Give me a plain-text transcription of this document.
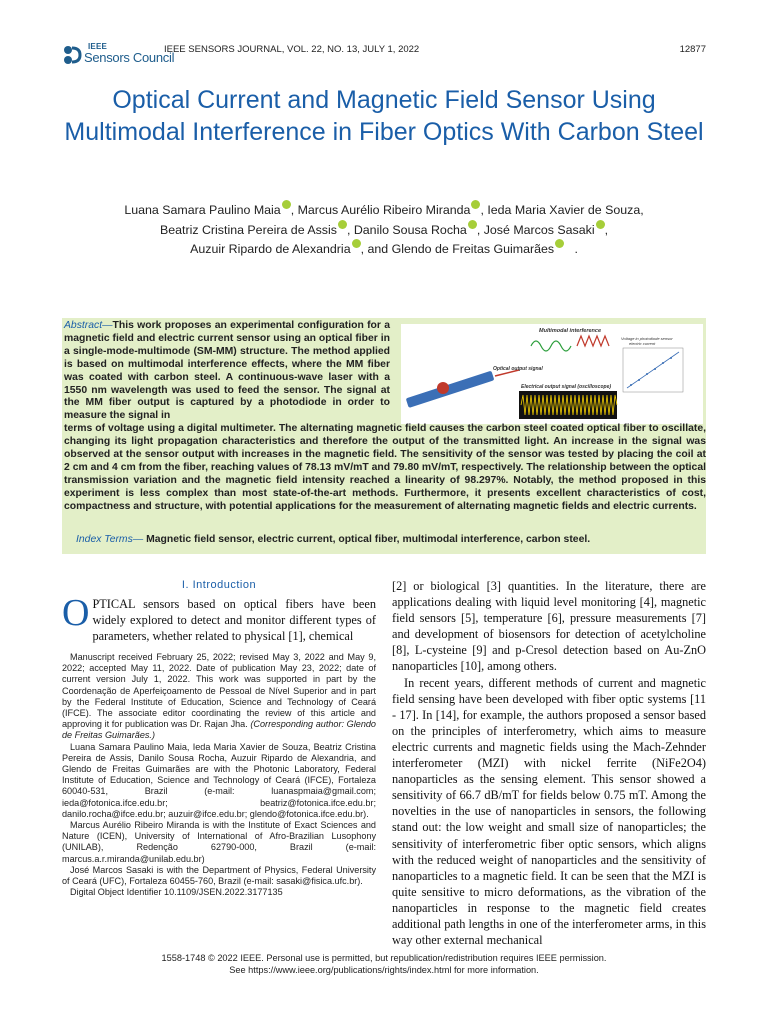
IEEE
Sensors Council
IEEE SENSORS JOURNAL, VOL. 22, NO. 13, JULY 1, 2022	12877
Optical Current and Magnetic Field Sensor Using Multimodal Interference in Fiber Optics With Carbon Steel
Luana Samara Paulino Maia , Marcus Aurélio Ribeiro Miranda , Ieda Maria Xavier de Souza,
Beatriz Cristina Pereira de Assis , Danilo Sousa Rocha , José Marcos Sasaki ,
Auzuir Ripardo de Alexandria , and Glendo de Freitas Guimarães .
Multimodal interference
Voltage in photodiode sensor
electric current
Optical output signal
Electrical output signal (oscilloscope)
Abstract—This work proposes an experimental configuration for a magnetic field and electric current sensor using an optical fiber in a single-mode-multimode (SM-MM) structure. The method applied is based on multimodal interference effects, where the MM fiber was coated with carbon steel. A continuous-wave laser with a 1550 nm wavelength was used to feed the sensor. The signal at the MM fiber output is captured by a photodiode in order to measure the signal in
terms of voltage using a digital multimeter. The alternating magnetic field causes the carbon steel coated optical fiber to oscillate, changing its light propagation characteristics and therefore the output of the transmitted light. An increase in the signal was observed at the sensor output with increases in the magnetic field. The sensitivity of the sensor was tested by placing the coil at 2 cm and 4 cm from the fiber, reaching values of 78.13 mV/mT and 79.80 mV/mT, respectively. The relationship between the optical transmission variation and the magnetic field intensity reached a linearity of 98.297%. Notably, the method proposed in this experiment is less complex than most state-of-the-art methods. Furthermore, it presents excellent characteristics of cost, compactness and structure, with potential applications for the measurement of alternating magnetic fields and electric currents.
Index Terms— Magnetic field sensor, electric current, optical fiber, multimodal interference, carbon steel.
I. Introduction
OPTICAL sensors based on optical fibers have been widely explored to detect and monitor different types of parameters, whether related to physical [1], chemical

Manuscript received February 25, 2022; revised May 3, 2022 and May 9, 2022; accepted May 11, 2022. Date of publication May 23, 2022; date of current version July 1, 2022. This work was supported in part by the Coordenação de Aperfeiçoamento de Pessoal de Nível Superior and in part by the Federal Institute of Education, Science and Technology of Ceará (IFCE). The associate editor coordinating the review of this article and approving it for publication was Dr. Rajan Jha. (Corresponding author: Glendo de Freitas Guimarães.)

Luana Samara Paulino Maia, Ieda Maria Xavier de Souza, Beatriz Cristina Pereira de Assis, Danilo Sousa Rocha, Auzuir Ripardo de Alexandria, and Glendo de Freitas Guimarães are with the Photonic Laboratory, Federal Institute of Education, Science and Technology of Ceará (IFCE), Fortaleza 60040-531, Brazil (e-mail: luanaspmaia@gmail.com; ieda@fotonica.ifce.edu.br; beatriz@fotonica.ifce.edu.br; danilo.rocha@ifce.edu.br; auzuir@ifce.edu.br; glendo@fotonica.ifce.edu.br).

Marcus Aurélio Ribeiro Miranda is with the Institute of Exact Sciences and Nature (ICEN), University of International of Afro-Brazilian Lusophony (UNILAB), Redenção 62790-000, Brazil (e-mail: marcus.a.r.miranda@unilab.edu.br)

José Marcos Sasaki is with the Department of Physics, Federal University of Ceará (UFC), Fortaleza 60455-760, Brazil (e-mail: sasaki@fisica.ufc.br).

Digital Object Identifier 10.1109/JSEN.2022.3177135

[2] or biological [3] quantities. In the literature, there are applications dealing with liquid level monitoring [4], magnetic field sensors [5], temperature [6], pressure measurements [7] and development of biosensors for detection of acetylcholine [8], L-cysteine [9] and p-Cresol detection based on Au-ZnO nanoparticles [10], among others.

In recent years, different methods of current and magnetic field sensing have been developed with fiber optic systems [11 - 17]. In [14], for example, the authors proposed a sensor based on the principles of interferometry, which aims to measure electric currents and magnetic fields using the Mach-Zehnder interferometer (MZI) with nickel ferrite (NiFe2O4) nanoparticles as the sensing element. This sensor showed a sensitivity of 66.7 dB/mT for fields below 0.75 mT. Among the novelties in the use of nanoparticles in sensors, the following stand out: the low weight and small size of nanoparticles; the sensitivity of interferometric fiber optic sensors, which aligns with the reduced weight of nanoparticles and the sensitivity of nanoparticles to a magnetic field. It can be seen that the MZI is quite sensitive to micro deformations, as the vibration of the nanoparticles in response to the magnetic field creates additional path lengths in one of the interferometer arms, in this way other external mechanical

1558-1748 © 2022 IEEE. Personal use is permitted, but republication/redistribution requires IEEE permission.
See https://www.ieee.org/publications/rights/index.html for more information.
